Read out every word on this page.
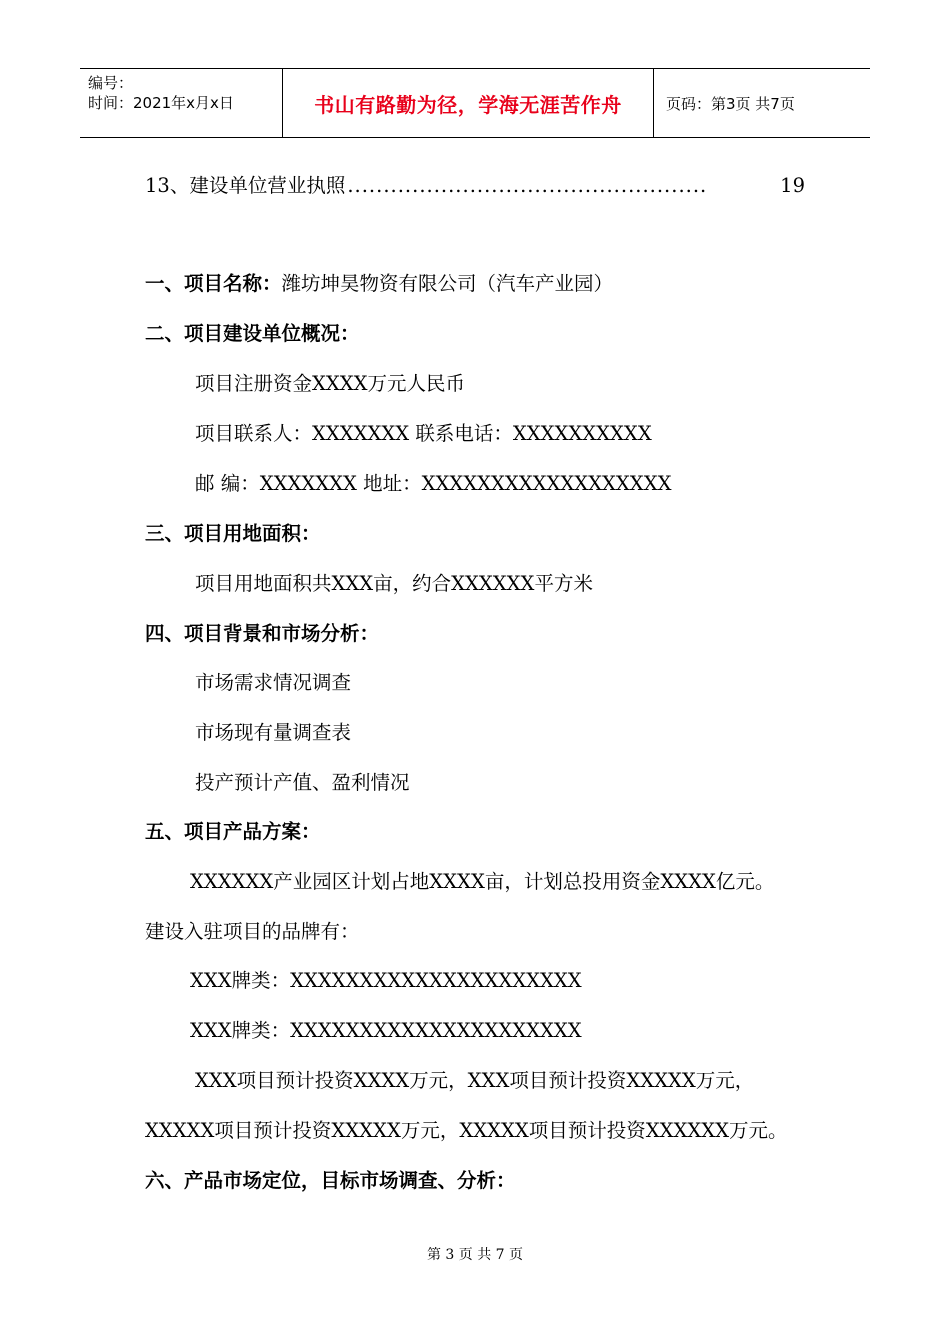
编号：
时间：2021年x月x日	书山有路勤为径，学海无涯苦作舟	页码：第3页 共7页
13、建设单位营业执照 ..................................................	19
一、项目名称：潍坊坤昊物资有限公司（汽车产业园）
二、项目建设单位概况：
项目注册资金XXXX万元人民币
项目联系人：XXXXXXX 联系电话：XXXXXXXXXX
邮 编：XXXXXXX 地址：XXXXXXXXXXXXXXXXXX
三、项目用地面积：
项目用地面积共XXX亩，约合XXXXXX平方米
四、项目背景和市场分析：
市场需求情况调查
市场现有量调查表
投产预计产值、盈利情况
五、项目产品方案：
XXXXXX产业园区计划占地XXXX亩，计划总投用资金XXXX亿元。
建设入驻项目的品牌有：
XXX牌类：XXXXXXXXXXXXXXXXXXXXX
XXX牌类：XXXXXXXXXXXXXXXXXXXXX
XXX项目预计投资XXXX万元，XXX项目预计投资XXXXX万元，
XXXXX项目预计投资XXXXX万元，XXXXX项目预计投资XXXXXX万元。
六、产品市场定位，目标市场调查、分析：
第 3 页 共 7 页
